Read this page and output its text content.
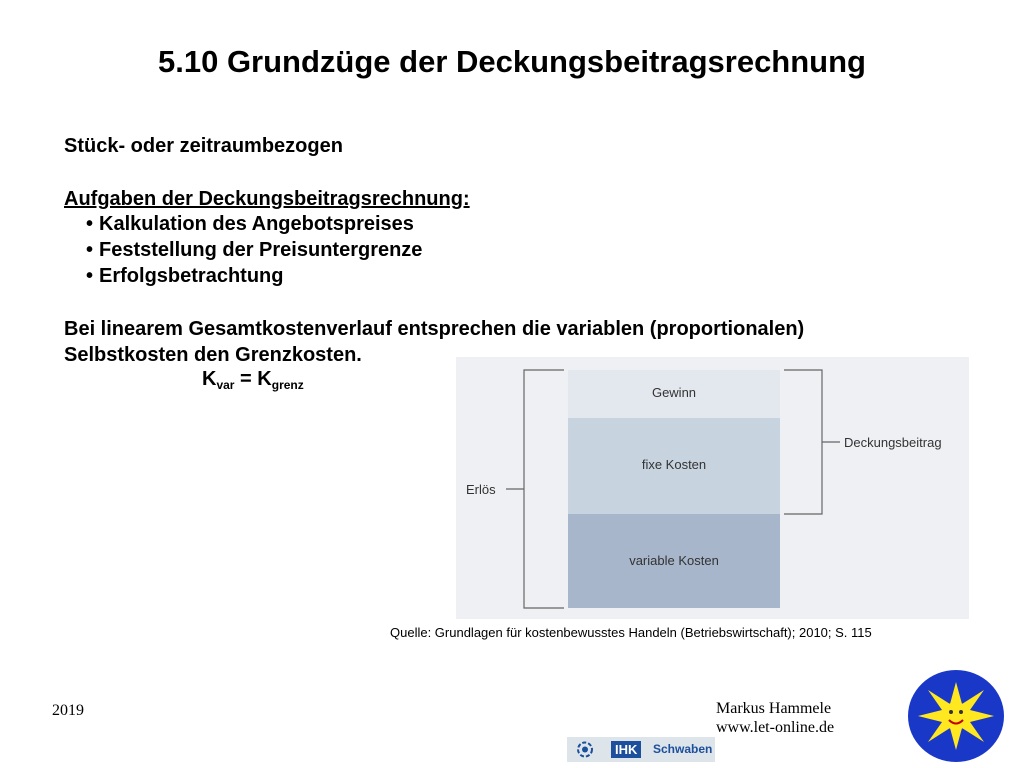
5.10 Grundzüge der Deckungsbeitragsrechnung
Stück- oder zeitraumbezogen
Aufgaben der Deckungsbeitragsrechnung:
• Kalkulation des Angebotspreises
• Feststellung der Preisuntergrenze
• Erfolgsbetrachtung
Bei linearem Gesamtkostenverlauf entsprechen die variablen (proportionalen)
Selbstkosten den Grenzkosten.
$K_{var} = K_{grenz}$	Gewinn
fixe Kosten
variable Kosten
Erlös
Deckungsbeitrag
Quelle: Grundlagen für kostenbewusstes Handeln (Betriebswirtschaft); 2010; S. 115
2019	Markus Hammele
www.let-online.de
IHK	Schwaben
